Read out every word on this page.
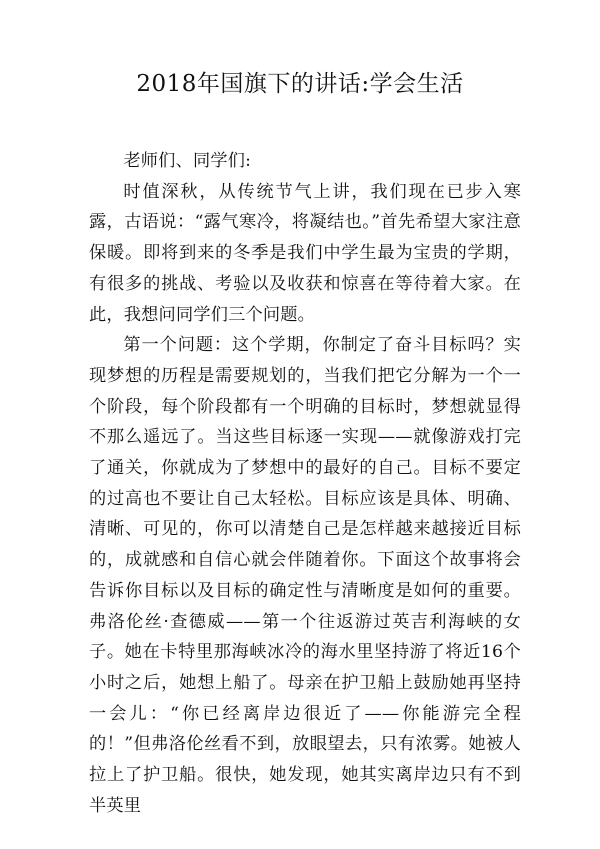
2018年国旗下的讲话:学会生活

老师们、同学们:

时值深秋，从传统节气上讲，我们现在已步入寒露，古语说：“露气寒冷，将凝结也。”首先希望大家注意保暖。即将到来的冬季是我们中学生最为宝贵的学期，有很多的挑战、考验以及收获和惊喜在等待着大家。在此，我想问同学们三个问题。

第一个问题：这个学期，你制定了奋斗目标吗？实现梦想的历程是需要规划的，当我们把它分解为一个一个阶段，每个阶段都有一个明确的目标时，梦想就显得不那么遥远了。当这些目标逐一实现——就像游戏打完了通关，你就成为了梦想中的最好的自己。目标不要定的过高也不要让自己太轻松。目标应该是具体、明确、清晰、可见的，你可以清楚自己是怎样越来越接近目标的，成就感和自信心就会伴随着你。下面这个故事将会告诉你目标以及目标的确定性与清晰度是如何的重要。弗洛伦丝·查德威——第一个往返游过英吉利海峡的女子。她在卡特里那海峡冰冷的海水里坚持游了将近16个小时之后，她想上船了。母亲在护卫船上鼓励她再坚持一会儿：“你已经离岸边很近了——你能游完全程的！”但弗洛伦丝看不到，放眼望去，只有浓雾。她被人拉上了护卫船。很快，她发现，她其实离岸边只有不到半英里
